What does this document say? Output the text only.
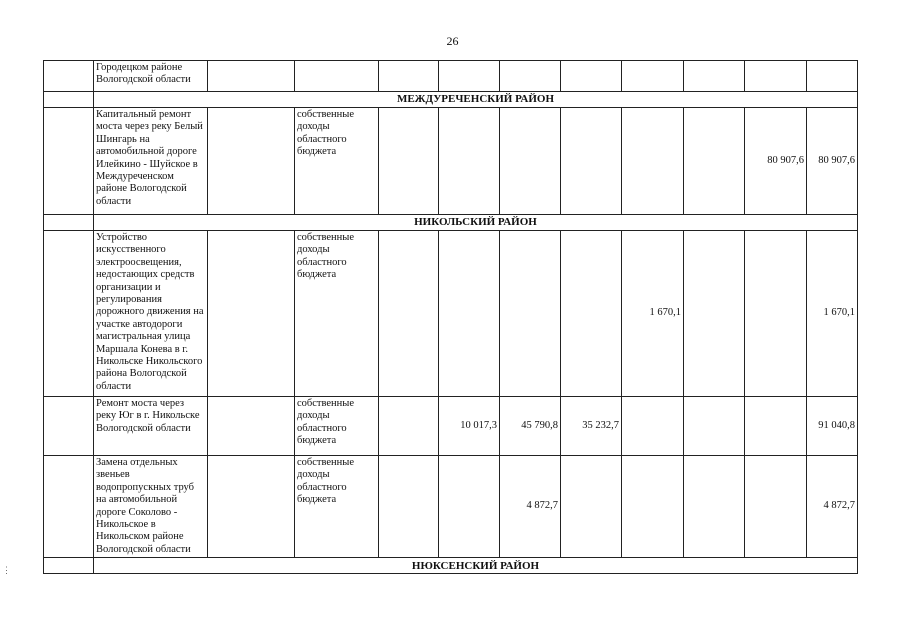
26
	Городецком районе Вологодской области										
	МЕЖДУРЕЧЕНСКИЙ РАЙОН										
	Капитальный ремонт моста через реку Белый Шингарь на автомобильной дороге Илейкино - Шуйское в Междуреченском районе Вологодской области		собственные доходы областного бюджета							80 907,6	80 907,6
	НИКОЛЬСКИЙ РАЙОН										
	Устройство искусственного электроосвещения, недостающих средств организации и регулирования дорожного движения на участке автодороги магистральная улица Маршала Конева в г. Никольске Никольского района Вологодской области		собственные доходы областного бюджета					1 670,1			1 670,1
	Ремонт моста через реку Юг в г. Никольске Вологодской области		собственные доходы областного бюджета		10 017,3	45 790,8	35 232,7				91 040,8
	Замена отдельных звеньев водопропускных труб на автомобильной дороге Соколово - Никольское в Никольском районе Вологодской области		собственные доходы областного бюджета			4 872,7					4 872,7
	НЮКСЕНСКИЙ РАЙОН										
⋮
